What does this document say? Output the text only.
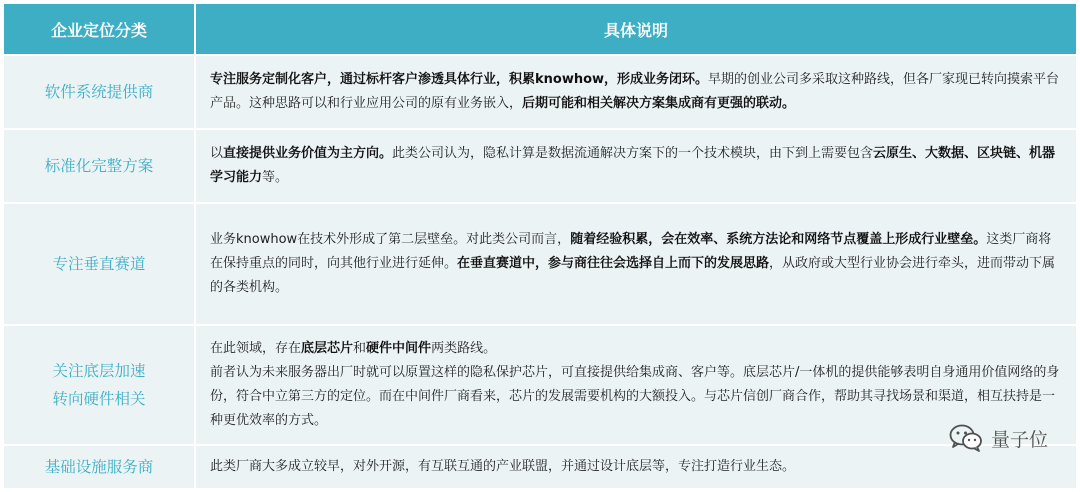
企业定位分类	具体说明
软件系统提供商

专注服务定制化客户，通过标杆客户渗透具体行业，积累knowhow，形成业务闭环。早期的创业公司多采取这种路线，但各厂家现已转向摸索平台产品。这种思路可以和行业应用公司的原有业务嵌入，后期可能和相关解决方案集成商有更强的联动。

标准化完整方案

以直接提供业务价值为主方向。此类公司认为，隐私计算是数据流通解决方案下的一个技术模块，由下到上需要包含云原生、大数据、区块链、机器学习能力等。

专注垂直赛道

业务knowhow在技术外形成了第二层壁垒。对此类公司而言，随着经验积累，会在效率、系统方法论和网络节点覆盖上形成行业壁垒。这类厂商将在保持重点的同时，向其他行业进行延伸。在垂直赛道中，参与商往往会选择自上而下的发展思路，从政府或大型行业协会进行牵头，进而带动下属的各类机构。

关注底层加速
转向硬件相关

在此领域，存在底层芯片和硬件中间件两类路线。

前者认为未来服务器出厂时就可以原置这样的隐私保护芯片，可直接提供给集成商、客户等。底层芯片/一体机的提供能够表明自身通用价值网络的身份，符合中立第三方的定位。而在中间件厂商看来，芯片的发展需要机构的大额投入。与芯片信创厂商合作，帮助其寻找场景和渠道，相互扶持是一种更优效率的方式。

基础设施服务商	此类厂商大多成立较早，对外开源，有互联互通的产业联盟，并通过设计底层等，专注打造行业生态。

量子位
